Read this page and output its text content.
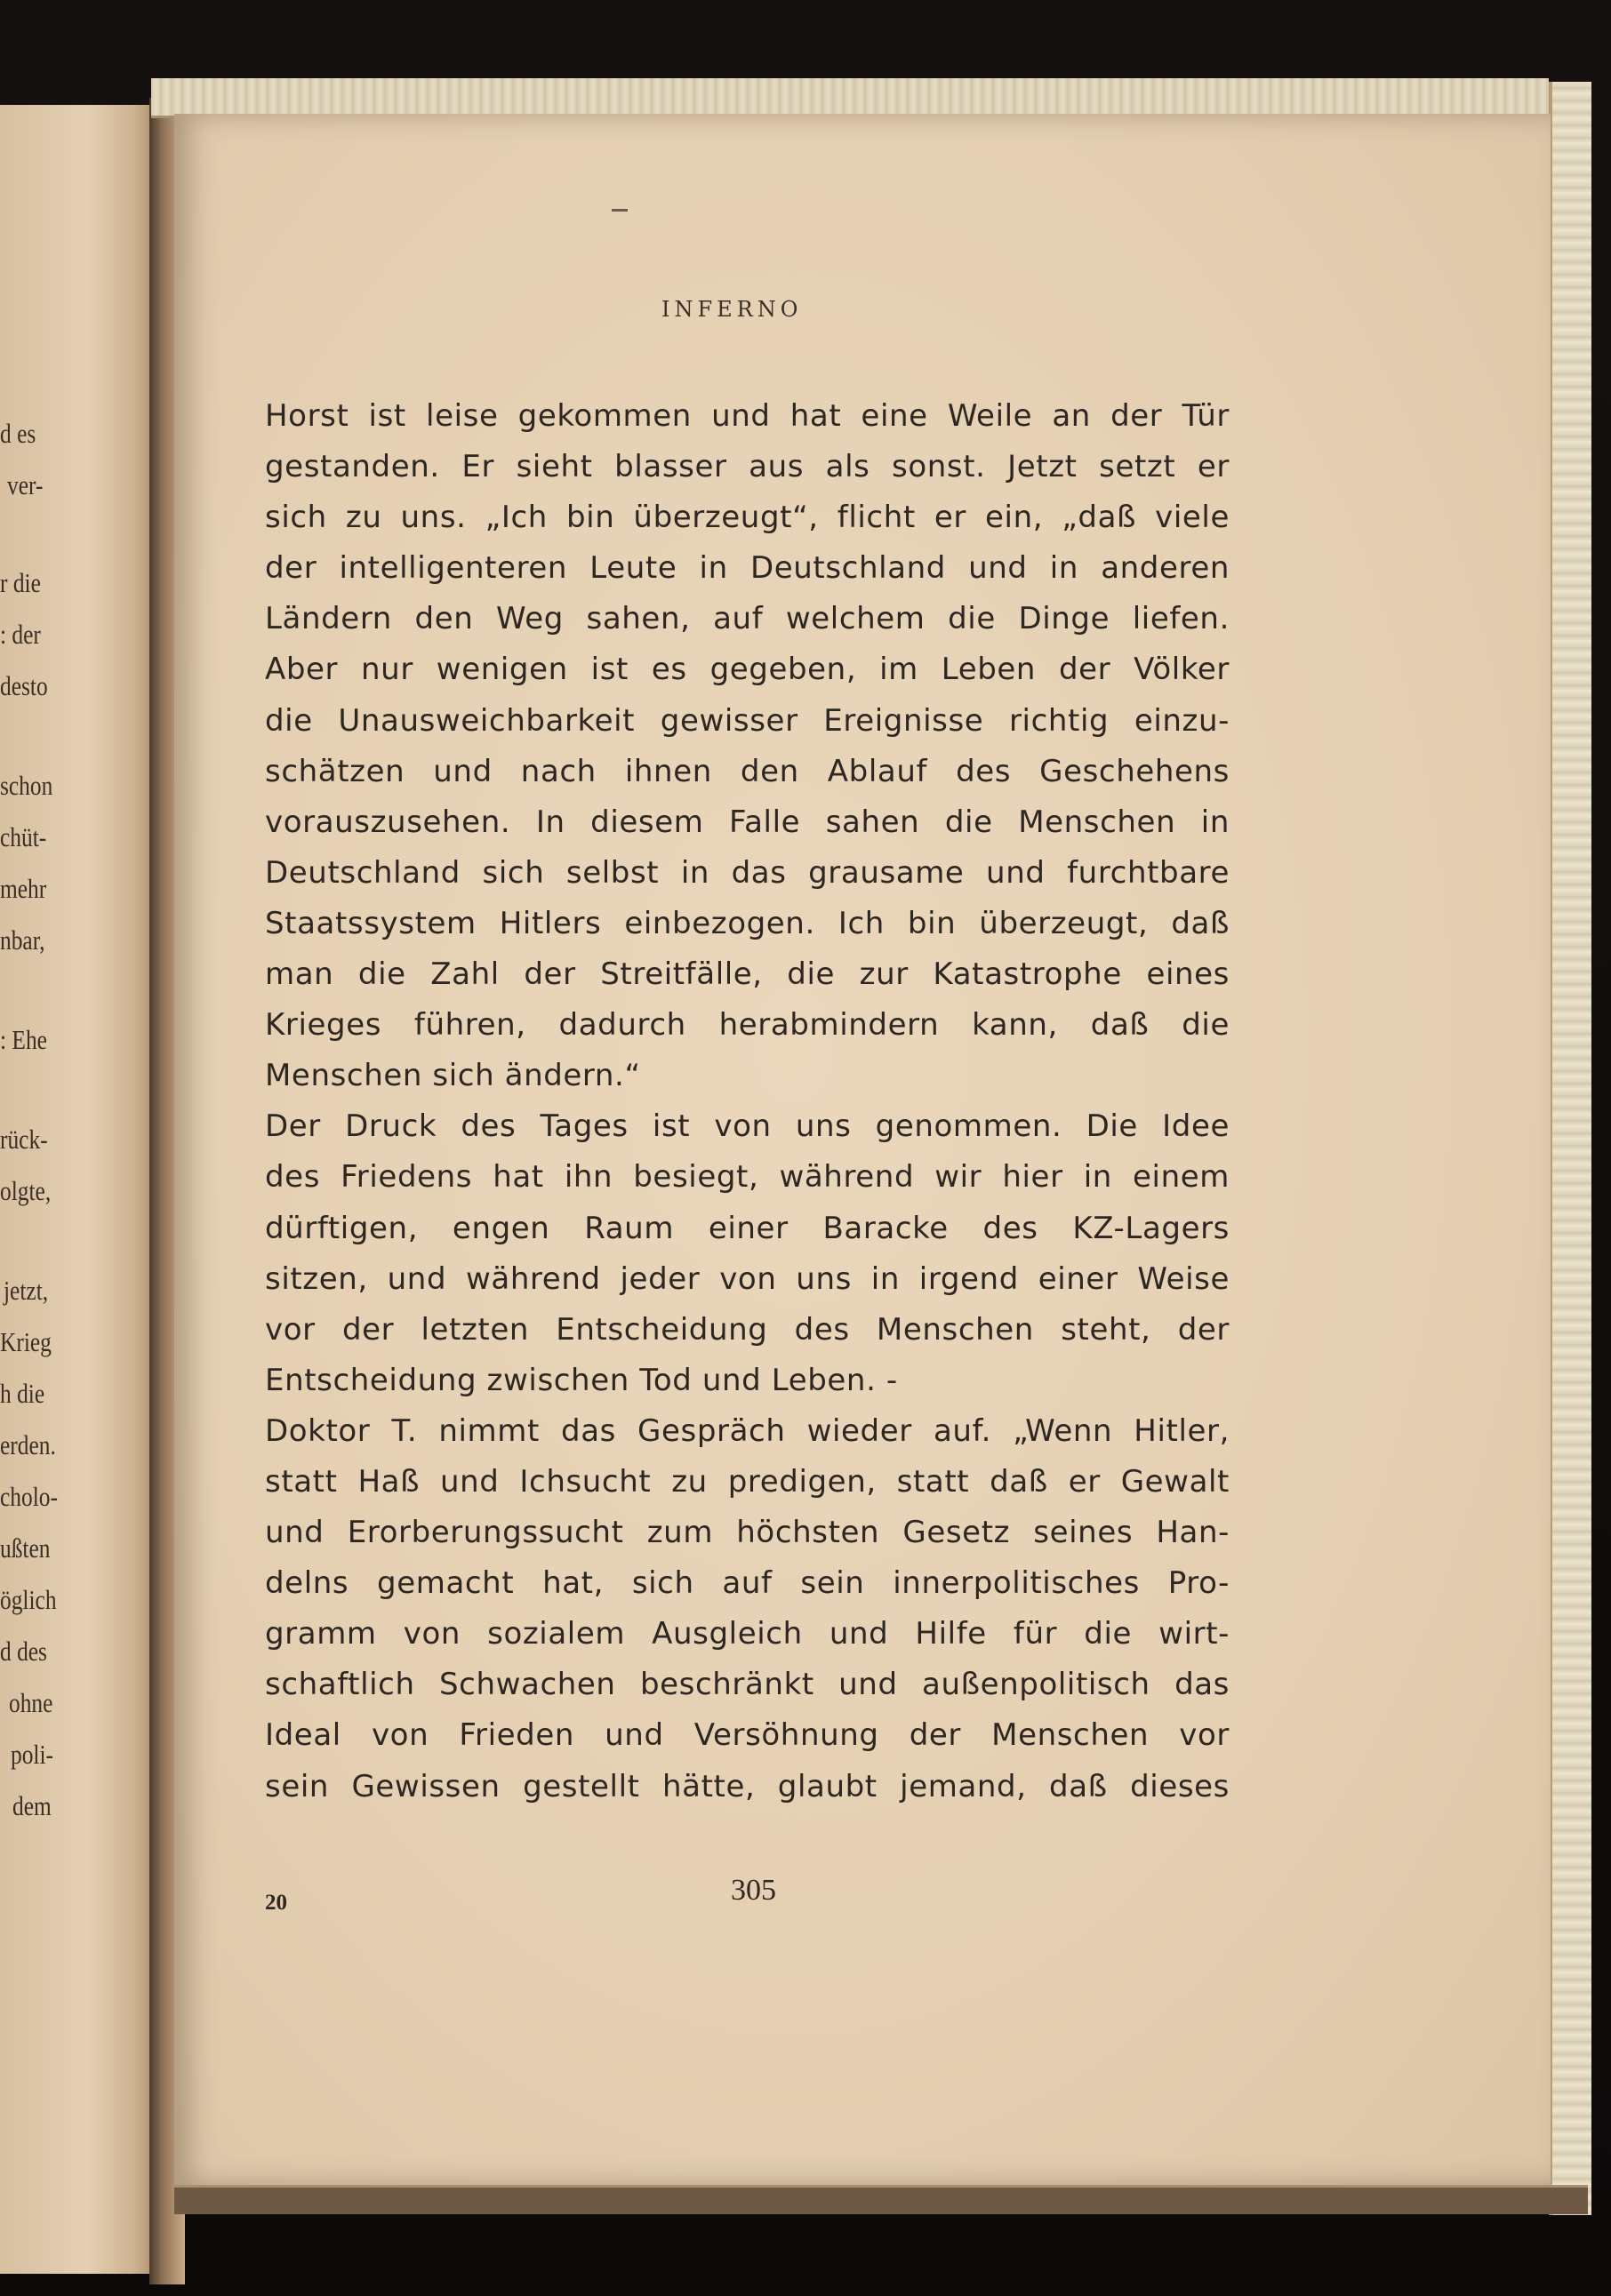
d es
ver-
r die
: der
desto
schon
chüt-
mehr
nbar,
: Ehe
rück-
olgte,
jetzt,
Krieg
h die
erden.
cholo-
ußten
öglich
d des
ohne
poli-
dem
INFERNO
Horst ist leise gekommen und hat eine Weile an der Tür
gestanden. Er sieht blasser aus als sonst. Jetzt setzt er
sich zu uns. „Ich bin überzeugt“, flicht er ein, „daß viele
der intelligenteren Leute in Deutschland und in anderen
Ländern den Weg sahen, auf welchem die Dinge liefen.
Aber nur wenigen ist es gegeben, im Leben der Völker
die Unausweichbarkeit gewisser Ereignisse richtig einzu-
schätzen und nach ihnen den Ablauf des Geschehens
vorauszusehen. In diesem Falle sahen die Menschen in
Deutschland sich selbst in das grausame und furchtbare
Staatssystem Hitlers einbezogen. Ich bin überzeugt, daß
man die Zahl der Streitfälle, die zur Katastrophe eines
Krieges führen, dadurch herabmindern kann, daß die
Menschen sich ändern.“
Der Druck des Tages ist von uns genommen. Die Idee
des Friedens hat ihn besiegt, während wir hier in einem
dürftigen, engen Raum einer Baracke des KZ-Lagers
sitzen, und während jeder von uns in irgend einer Weise
vor der letzten Entscheidung des Menschen steht, der
Entscheidung zwischen Tod und Leben. -
Doktor T. nimmt das Gespräch wieder auf. „Wenn Hitler,
statt Haß und Ichsucht zu predigen, statt daß er Gewalt
und Erorberungssucht zum höchsten Gesetz seines Han-
delns gemacht hat, sich auf sein innerpolitisches Pro-
gramm von sozialem Ausgleich und Hilfe für die wirt-
schaftlich Schwachen beschränkt und außenpolitisch das
Ideal von Frieden und Versöhnung der Menschen vor
sein Gewissen gestellt hätte, glaubt jemand, daß dieses
20	305
